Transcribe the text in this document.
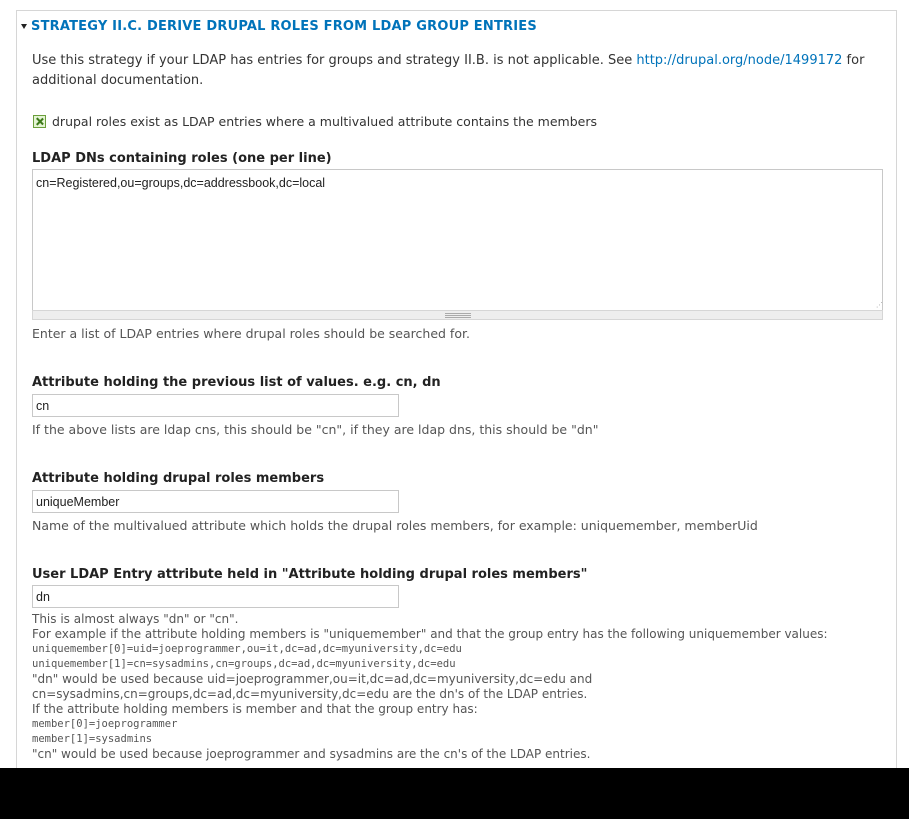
STRATEGY II.C. DERIVE DRUPAL ROLES FROM LDAP GROUP ENTRIES
Use this strategy if your LDAP has entries for groups and strategy II.B. is not applicable. See http://drupal.org/node/1499172 for additional documentation.
drupal roles exist as LDAP entries where a multivalued attribute contains the members
LDAP DNs containing roles (one per line)
cn=Registered,ou=groups,dc=addressbook,dc=local
⋰
Enter a list of LDAP entries where drupal roles should be searched for.
Attribute holding the previous list of values. e.g. cn, dn
cn
If the above lists are ldap cns, this should be "cn", if they are ldap dns, this should be "dn"
Attribute holding drupal roles members
uniqueMember
Name of the multivalued attribute which holds the drupal roles members, for example: uniquemember, memberUid
User LDAP Entry attribute held in "Attribute holding drupal roles members"
dn
This is almost always "dn" or "cn".
For example if the attribute holding members is "uniquemember" and that the group entry has the following uniquemember values:
uniquemember[0]=uid=joeprogrammer,ou=it,dc=ad,dc=myuniversity,dc=edu
uniquemember[1]=cn=sysadmins,cn=groups,dc=ad,dc=myuniversity,dc=edu
"dn" would be used because uid=joeprogrammer,ou=it,dc=ad,dc=myuniversity,dc=edu and
cn=sysadmins,cn=groups,dc=ad,dc=myuniversity,dc=edu are the dn's of the LDAP entries.
If the attribute holding members is member and that the group entry has:
member[0]=joeprogrammer
member[1]=sysadmins
"cn" would be used because joeprogrammer and sysadmins are the cn's of the LDAP entries.
